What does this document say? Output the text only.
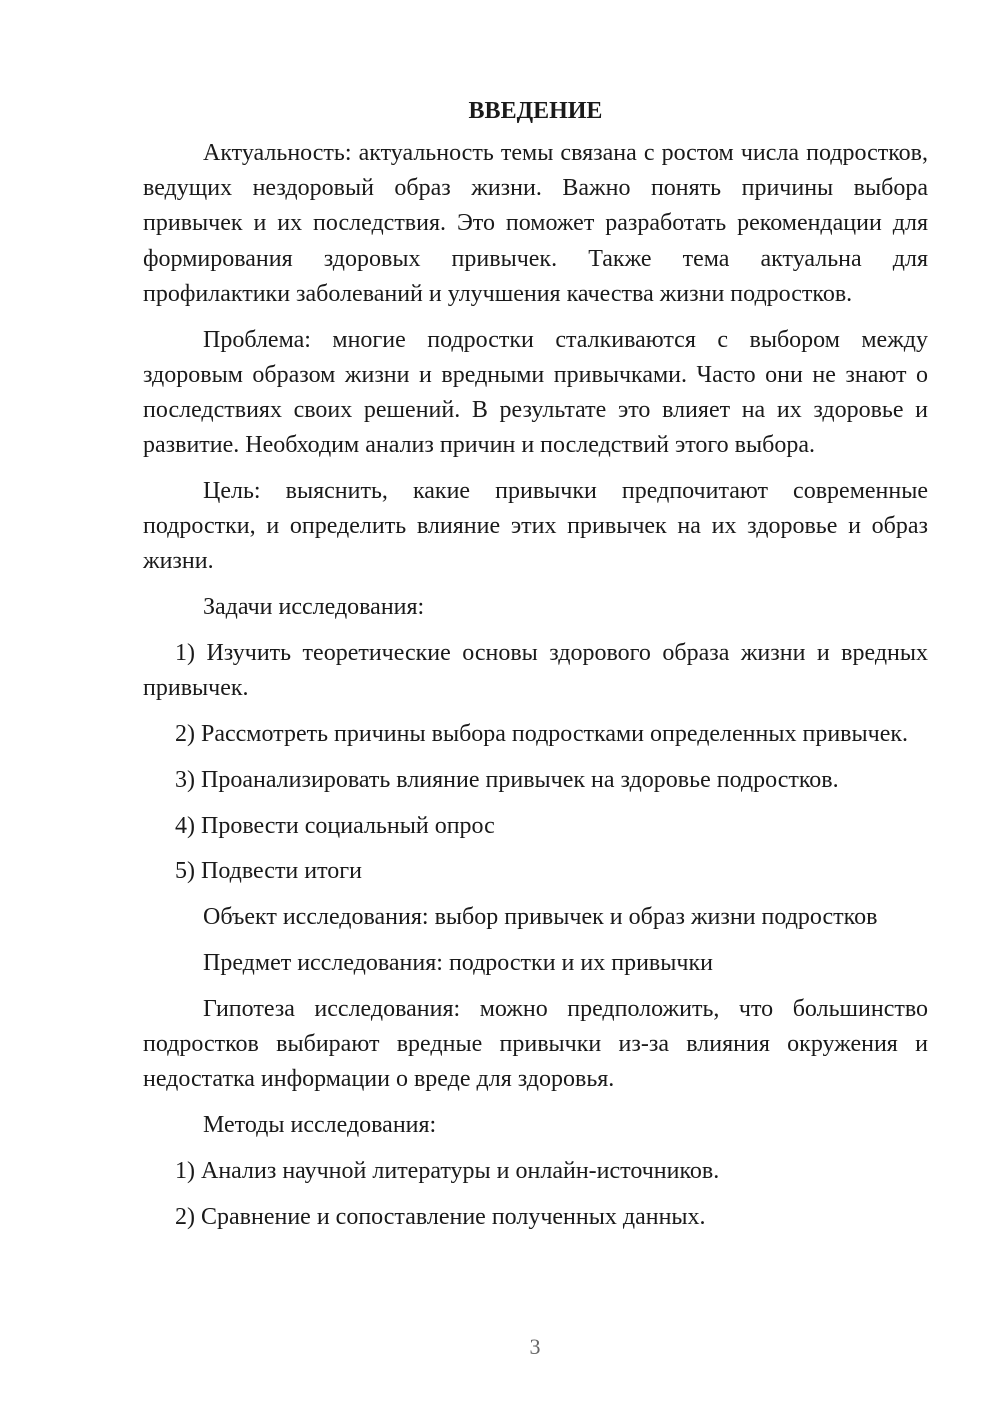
ВВЕДЕНИЕ

Актуальность: актуальность темы связана с ростом числа подростков, ведущих нездоровый образ жизни. Важно понять причины выбора привычек и их последствия. Это поможет разработать рекомендации для формирования здоровых привычек. Также тема актуальна для профилактики заболеваний и улучшения качества жизни подростков.

Проблема: многие подростки сталкиваются с выбором между здоровым образом жизни и вредными привычками. Часто они не знают о последствиях своих решений. В результате это влияет на их здоровье и развитие. Необходим анализ причин и последствий этого выбора.

Цель: выяснить, какие привычки предпочитают современные подростки, и определить влияние этих привычек на их здоровье и образ жизни.

Задачи исследования:

1) Изучить теоретические основы здорового образа жизни и вредных привычек.

2) Рассмотреть причины выбора подростками определенных привычек.

3) Проанализировать влияние привычек на здоровье подростков.

4) Провести социальный опрос

5) Подвести итоги

Объект исследования: выбор привычек и образ жизни подростков

Предмет исследования: подростки и их привычки

Гипотеза исследования: можно предположить, что большинство подростков выбирают вредные привычки из-за влияния окружения и недостатка информации о вреде для здоровья.

Методы исследования:

1) Анализ научной литературы и онлайн-источников.

2) Сравнение и сопоставление полученных данных.

3
